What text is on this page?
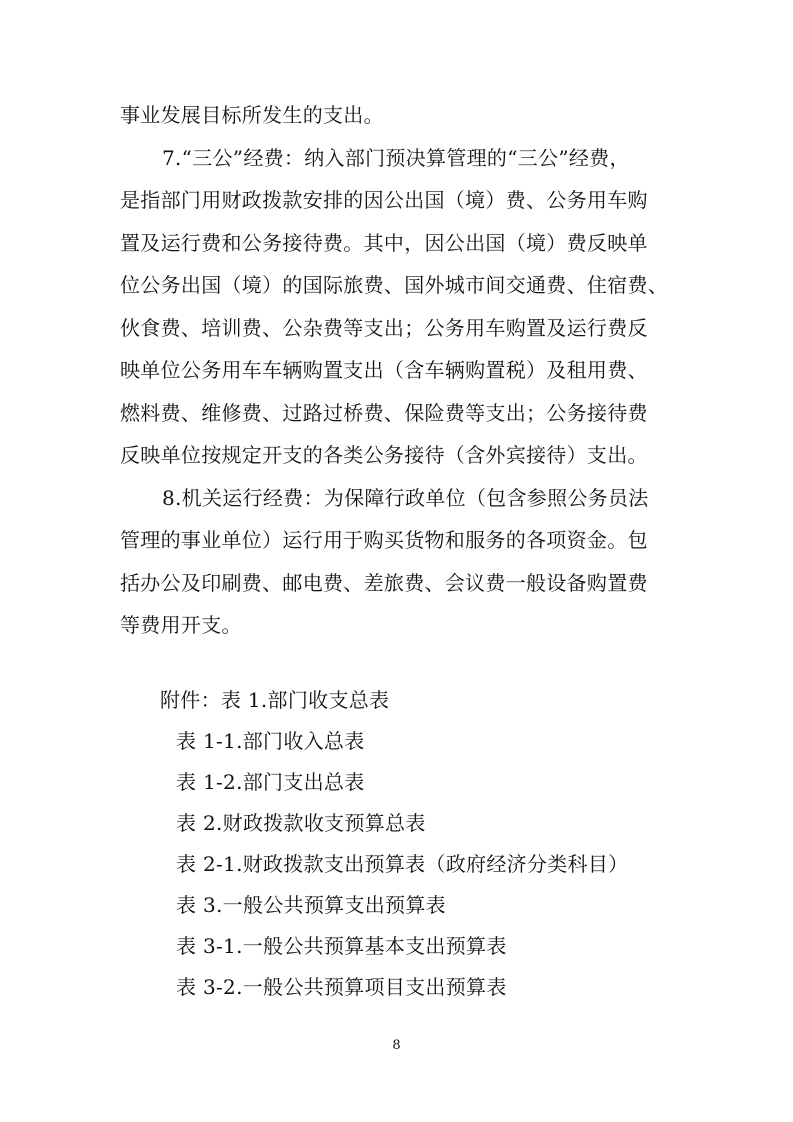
事业发展目标所发生的支出。
7.“三公”经费：纳入部门预决算管理的“三公”经费，
是指部门用财政拨款安排的因公出国（境）费、公务用车购
置及运行费和公务接待费。其中，因公出国（境）费反映单
位公务出国（境）的国际旅费、国外城市间交通费、住宿费、
伙食费、培训费、公杂费等支出；公务用车购置及运行费反
映单位公务用车车辆购置支出（含车辆购置税）及租用费、
燃料费、维修费、过路过桥费、保险费等支出；公务接待费
反映单位按规定开支的各类公务接待（含外宾接待）支出。
8.机关运行经费：为保障行政单位（包含参照公务员法
管理的事业单位）运行用于购买货物和服务的各项资金。包
括办公及印刷费、邮电费、差旅费、会议费一般设备购置费
等费用开支。
附件：表 1.部门收支总表
表 1-1.部门收入总表
表 1-2.部门支出总表
表 2.财政拨款收支预算总表
表 2-1.财政拨款支出预算表（政府经济分类科目）
表 3.一般公共预算支出预算表
表 3-1.一般公共预算基本支出预算表
表 3-2.一般公共预算项目支出预算表
8
